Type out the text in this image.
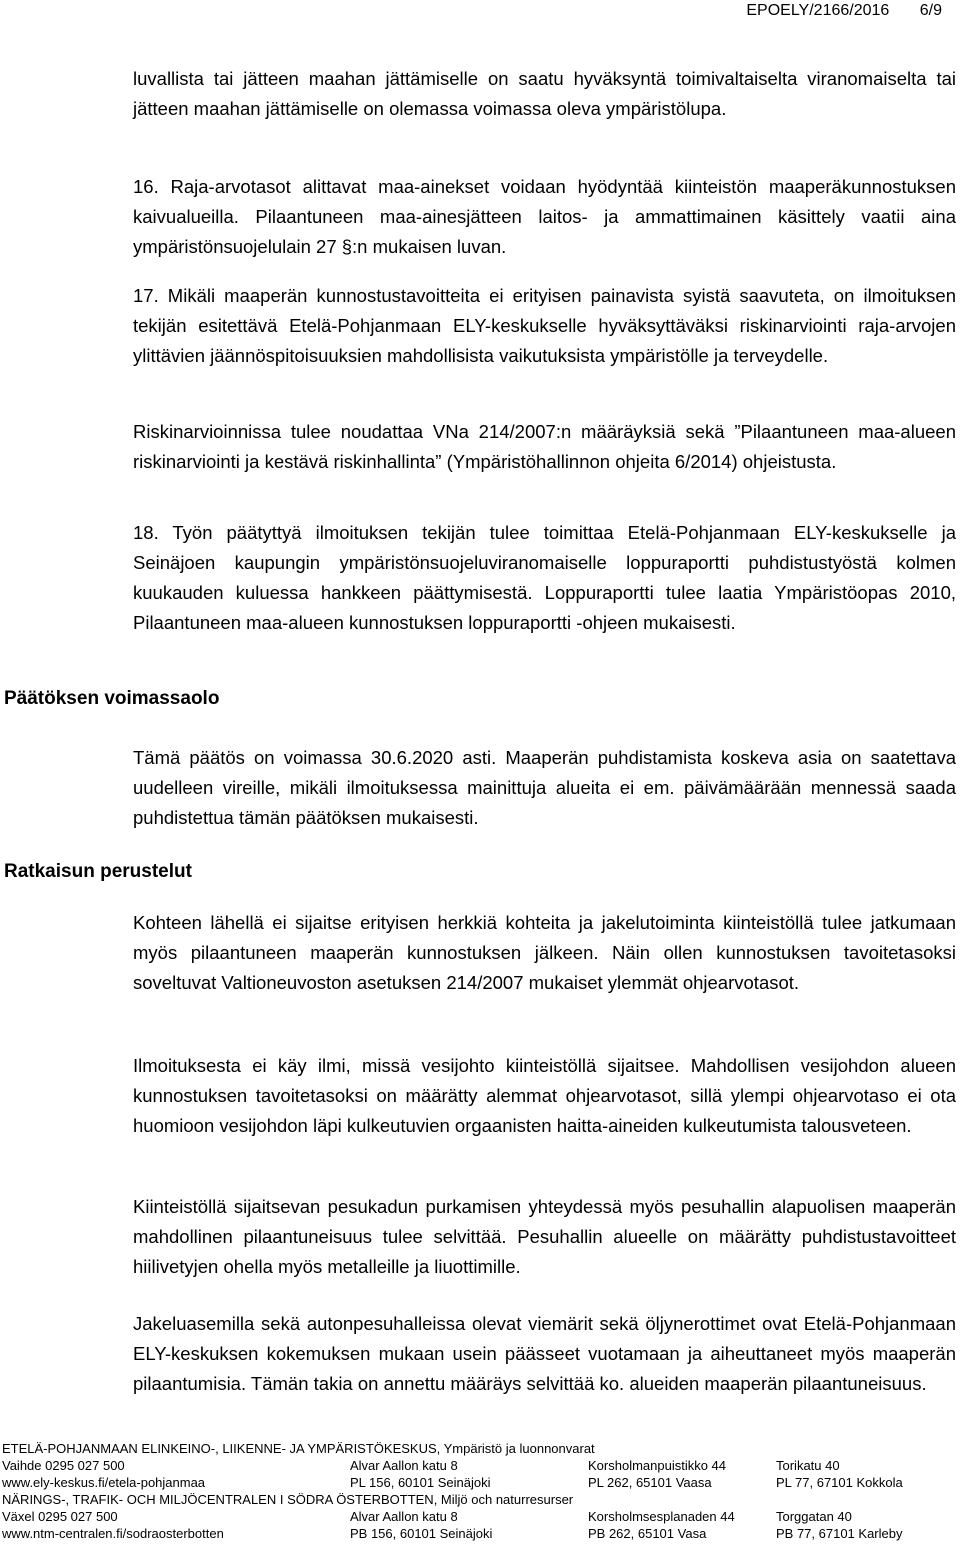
EPOELY/2166/2016 6/9
luvallista tai jätteen maahan jättämiselle on saatu hyväksyntä toimivaltaiselta viranomaiselta tai jätteen maahan jättämiselle on olemassa voimassa oleva ympäristölupa.
16. Raja-arvotasot alittavat maa-ainekset voidaan hyödyntää kiinteistön maaperäkunnostuksen kaivualueilla. Pilaantuneen maa-ainesjätteen laitos- ja ammattimainen käsittely vaatii aina ympäristönsuojelulain 27 §:n mukaisen luvan.
17. Mikäli maaperän kunnostustavoitteita ei erityisen painavista syistä saavuteta, on ilmoituksen tekijän esitettävä Etelä-Pohjanmaan ELY-keskukselle hyväksyttäväksi riskinarviointi raja-arvojen ylittävien jäännöspitoisuuksien mahdollisista vaikutuksista ympäristölle ja terveydelle.
Riskinarvioinnissa tulee noudattaa VNa 214/2007:n määräyksiä sekä ”Pilaantuneen maa-alueen riskinarviointi ja kestävä riskinhallinta” (Ympäristöhallinnon ohjeita 6/2014) ohjeistusta.
18. Työn päätyttyä ilmoituksen tekijän tulee toimittaa Etelä-Pohjanmaan ELY-keskukselle ja Seinäjoen kaupungin ympäristönsuojeluviranomaiselle loppuraportti puhdistustyöstä kolmen kuukauden kuluessa hankkeen päättymisestä. Loppuraportti tulee laatia Ympäristöopas 2010, Pilaantuneen maa-alueen kunnostuksen loppuraportti -ohjeen mukaisesti.
Päätöksen voimassaolo
Tämä päätös on voimassa 30.6.2020 asti. Maaperän puhdistamista koskeva asia on saatettava uudelleen vireille, mikäli ilmoituksessa mainittuja alueita ei em. päivämäärään mennessä saada puhdistettua tämän päätöksen mukaisesti.
Ratkaisun perustelut
Kohteen lähellä ei sijaitse erityisen herkkiä kohteita ja jakelutoiminta kiinteistöllä tulee jatkumaan myös pilaantuneen maaperän kunnostuksen jälkeen. Näin ollen kunnostuksen tavoitetasoksi soveltuvat Valtioneuvoston asetuksen 214/2007 mukaiset ylemmät ohjearvotasot.
Ilmoituksesta ei käy ilmi, missä vesijohto kiinteistöllä sijaitsee. Mahdollisen vesijohdon alueen kunnostuksen tavoitetasoksi on määrätty alemmat ohjearvotasot, sillä ylempi ohjearvotaso ei ota huomioon vesijohdon läpi kulkeutuvien orgaanisten haitta-aineiden kulkeutumista talousveteen.
Kiinteistöllä sijaitsevan pesukadun purkamisen yhteydessä myös pesuhallin alapuolisen maaperän mahdollinen pilaantuneisuus tulee selvittää. Pesuhallin alueelle on määrätty puhdistustavoitteet hiilivetyjen ohella myös metalleille ja liuottimille.
Jakeluasemilla sekä autonpesuhalleissa olevat viemärit sekä öljynerottimet ovat Etelä-Pohjanmaan ELY-keskuksen kokemuksen mukaan usein päässeet vuotamaan ja aiheuttaneet myös maaperän pilaantumisia. Tämän takia on annettu määräys selvittää ko. alueiden maaperän pilaantuneisuus.
ETELÄ-POHJANMAAN ELINKEINO-, LIIKENNE- JA YMPÄRISTÖKESKUS, Ympäristö ja luonnonvarat
Vaihde 0295 027 500	Alvar Aallon katu 8	Korsholmanpuistikko 44	Torikatu 40
www.ely-keskus.fi/etela-pohjanmaa	PL 156, 60101 Seinäjoki	PL 262, 65101 Vaasa	PL 77, 67101 Kokkola
NÄRINGS-, TRAFIK- OCH MILJÖCENTRALEN I SÖDRA ÖSTERBOTTEN, Miljö och naturresurser
Växel 0295 027 500	Alvar Aallon katu 8	Korsholmsesplanaden 44	Torggatan 40
www.ntm-centralen.fi/sodraosterbotten	PB 156, 60101 Seinäjoki	PB 262, 65101 Vasa	PB 77, 67101 Karleby
